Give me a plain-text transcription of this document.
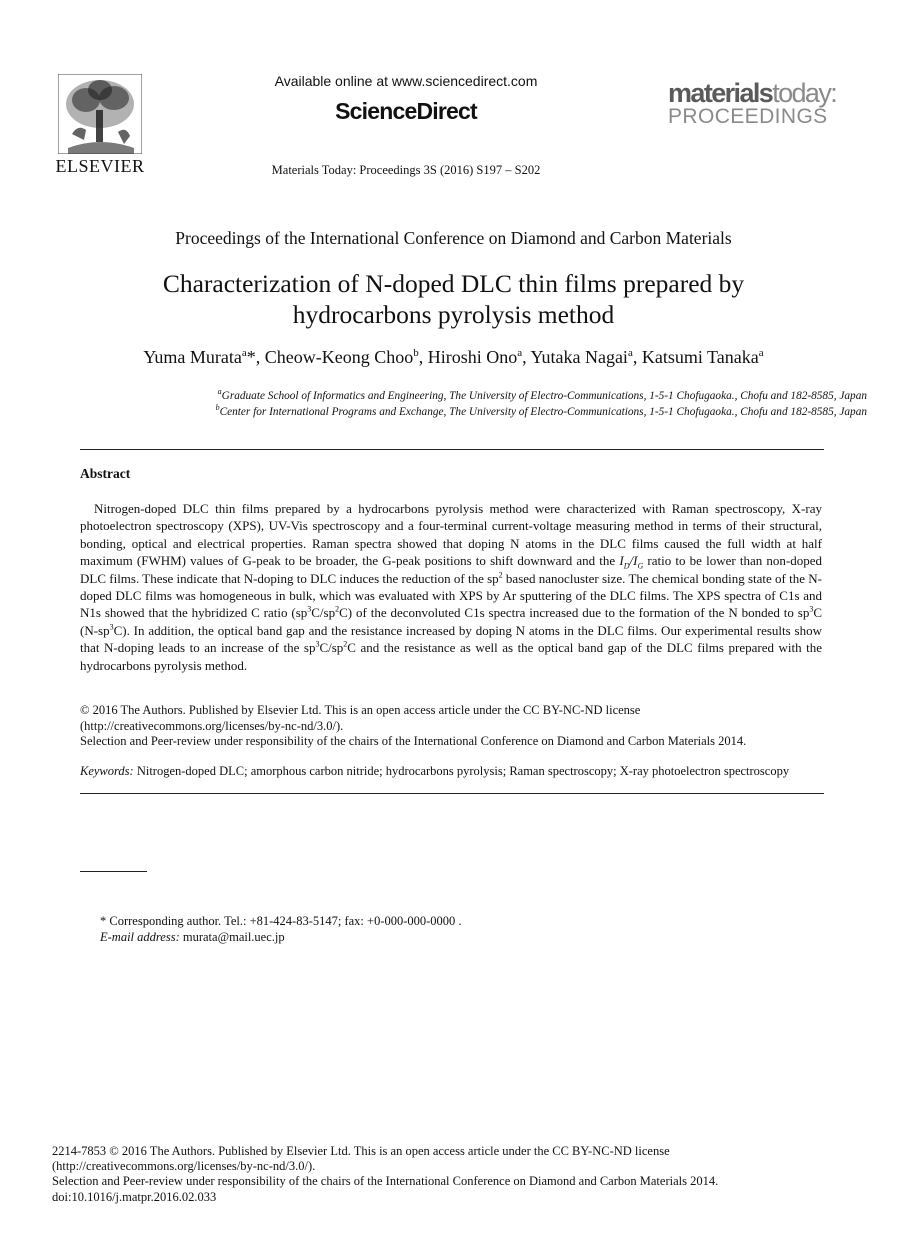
ELSEVIER
Available online at www.sciencedirect.com
ScienceDirect
Materials Today: Proceedings 3S (2016) S197 – S202
materialstoday:
PROCEEDINGS
Proceedings of the International Conference on Diamond and Carbon Materials
Characterization of N-doped DLC thin films prepared by
hydrocarbons pyrolysis method
Yuma Murata$^a$*, Cheow-Keong Choo$^b$, Hiroshi Ono$^a$, Yutaka Nagai$^a$, Katsumi Tanaka$^a$
$^a$Graduate School of Informatics and Engineering, The University of Electro-Communications, 1-5-1 Chofugaoka., Chofu and 182-8585, Japan
$^b$Center for International Programs and Exchange, The University of Electro-Communications, 1-5-1 Chofugaoka., Chofu and 182-8585, Japan
Abstract
Nitrogen-doped DLC thin films prepared by a hydrocarbons pyrolysis method were characterized with Raman spectroscopy, X-ray photoelectron spectroscopy (XPS), UV-Vis spectroscopy and a four-terminal current-voltage measuring method in terms of their structural, bonding, optical and electrical properties. Raman spectra showed that doping N atoms in the DLC films caused the full width at half maximum (FWHM) values of G-peak to be broader, the G-peak positions to shift downward and the $I_D/I_G$ ratio to be lower than non-doped DLC films. These indicate that N-doping to DLC induces the reduction of the $sp^2$ based nanocluster size. The chemical bonding state of the N-doped DLC films was homogeneous in bulk, which was evaluated with XPS by Ar sputtering of the DLC films. The XPS spectra of C1s and N1s showed that the hybridized C ratio $(sp^3C/sp^2C)$ of the deconvoluted C1s spectra increased due to the formation of the N bonded to $sp^3C$ $(N-sp^3C)$. In addition, the optical band gap and the resistance increased by doping N atoms in the DLC films. Our experimental results show that N-doping leads to an increase of the $sp^3C/sp^2C$ and the resistance as well as the optical band gap of the DLC films prepared with the hydrocarbons pyrolysis method.
© 2016 The Authors. Published by Elsevier Ltd. This is an open access article under the CC BY-NC-ND license
(http://creativecommons.org/licenses/by-nc-nd/3.0/).
Selection and Peer-review under responsibility of the chairs of the International Conference on Diamond and Carbon Materials 2014.
Keywords: Nitrogen-doped DLC; amorphous carbon nitride; hydrocarbons pyrolysis; Raman spectroscopy; X-ray photoelectron spectroscopy
* Corresponding author. Tel.: +81-424-83-5147; fax: +0-000-000-0000 .
E-mail address: murata@mail.uec.jp
2214-7853 © 2016 The Authors. Published by Elsevier Ltd. This is an open access article under the CC BY-NC-ND license
(http://creativecommons.org/licenses/by-nc-nd/3.0/).
Selection and Peer-review under responsibility of the chairs of the International Conference on Diamond and Carbon Materials 2014.
doi:10.1016/j.matpr.2016.02.033
